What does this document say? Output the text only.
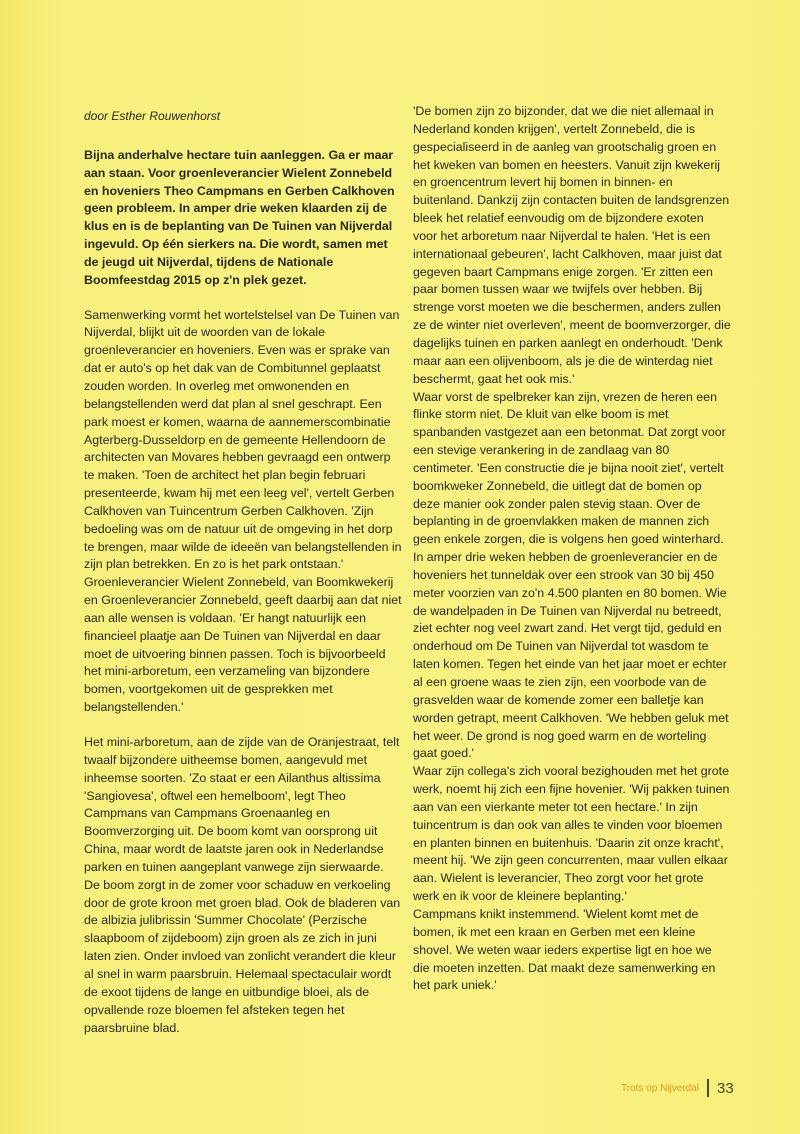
door Esther Rouwenhorst

Bijna anderhalve hectare tuin aanleggen. Ga er maar aan staan. Voor groenleverancier Wielent Zonnebeld en hoveniers Theo Campmans en Gerben Calkhoven geen probleem. In amper drie weken klaarden zij de klus en is de beplanting van De Tuinen van Nijverdal ingevuld. Op één sierkers na. Die wordt, samen met de jeugd uit Nijverdal, tijdens de Nationale Boomfeestdag 2015 op z'n plek gezet.

Samenwerking vormt het wortelstelsel van De Tuinen van Nijverdal, blijkt uit de woorden van de lokale groenleverancier en hoveniers. Even was er sprake van dat er auto's op het dak van de Combitunnel geplaatst zouden worden. In overleg met omwonenden en belangstellenden werd dat plan al snel geschrapt. Een park moest er komen, waarna de aannemerscombinatie Agterberg-Dusseldorp en de gemeente Hellendoorn de architecten van Movares hebben gevraagd een ontwerp te maken. 'Toen de architect het plan begin februari presenteerde, kwam hij met een leeg vel', vertelt Gerben Calkhoven van Tuincentrum Gerben Calkhoven. 'Zijn bedoeling was om de natuur uit de omgeving in het dorp te brengen, maar wilde de ideeën van belangstellenden in zijn plan betrekken. En zo is het park ontstaan.' Groenleverancier Wielent Zonnebeld, van Boomkwekerij en Groenleverancier Zonnebeld, geeft daarbij aan dat niet aan alle wensen is voldaan. 'Er hangt natuurlijk een financieel plaatje aan De Tuinen van Nijverdal en daar moet de uitvoering binnen passen. Toch is bijvoorbeeld het mini-arboretum, een verzameling van bijzondere bomen, voortgekomen uit de gesprekken met belangstellenden.'

Het mini-arboretum, aan de zijde van de Oranjestraat, telt twaalf bijzondere uitheemse bomen, aangevuld met inheemse soorten. 'Zo staat er een Ailanthus altissima 'Sangiovesa', oftwel een hemelboom', legt Theo Campmans van Campmans Groenaanleg en Boomverzorging uit. De boom komt van oorsprong uit China, maar wordt de laatste jaren ook in Nederlandse parken en tuinen aangeplant vanwege zijn sierwaarde. De boom zorgt in de zomer voor schaduw en verkoeling door de grote kroon met groen blad. Ook de bladeren van de albizia julibrissin 'Summer Chocolate' (Perzische slaapboom of zijdeboom) zijn groen als ze zich in juni laten zien. Onder invloed van zonlicht verandert die kleur al snel in warm paarsbruin. Helemaal spectaculair wordt de exoot tijdens de lange en uitbundige bloei, als de opvallende roze bloemen fel afsteken tegen het paarsbruine blad.

'De bomen zijn zo bijzonder, dat we die niet allemaal in Nederland konden krijgen', vertelt Zonnebeld, die is gespecialiseerd in de aanleg van grootschalig groen en het kweken van bomen en heesters. Vanuit zijn kwekerij en groencentrum levert hij bomen in binnen- en buitenland. Dankzij zijn contacten buiten de landsgrenzen bleek het relatief eenvoudig om de bijzondere exoten voor het arboretum naar Nijverdal te halen. 'Het is een internationaal gebeuren', lacht Calkhoven, maar juist dat gegeven baart Campmans enige zorgen. 'Er zitten een paar bomen tussen waar we twijfels over hebben. Bij strenge vorst moeten we die beschermen, anders zullen ze de winter niet overleven', meent de boomverzorger, die dagelijks tuinen en parken aanlegt en onderhoudt. 'Denk maar aan een olijvenboom, als je die de winterdag niet beschermt, gaat het ook mis.'

Waar vorst de spelbreker kan zijn, vrezen de heren een flinke storm niet. De kluit van elke boom is met spanbanden vastgezet aan een betonmat. Dat zorgt voor een stevige verankering in de zandlaag van 80 centimeter. 'Een constructie die je bijna nooit ziet', vertelt boomkweker Zonnebeld, die uitlegt dat de bomen op deze manier ook zonder palen stevig staan. Over de beplanting in de groenvlakken maken de mannen zich geen enkele zorgen, die is volgens hen goed winterhard.

In amper drie weken hebben de groenleverancier en de hoveniers het tunneldak over een strook van 30 bij 450 meter voorzien van zo'n 4.500 planten en 80 bomen. Wie de wandelpaden in De Tuinen van Nijverdal nu betreedt, ziet echter nog veel zwart zand. Het vergt tijd, geduld en onderhoud om De Tuinen van Nijverdal tot wasdom te laten komen. Tegen het einde van het jaar moet er echter al een groene waas te zien zijn, een voorbode van de grasvelden waar de komende zomer een balletje kan worden getrapt, meent Calkhoven. 'We hebben geluk met het weer. De grond is nog goed warm en de worteling gaat goed.'

Waar zijn collega's zich vooral bezighouden met het grote werk, noemt hij zich een fijne hovenier. 'Wij pakken tuinen aan van een vierkante meter tot een hectare.' In zijn tuincentrum is dan ook van alles te vinden voor bloemen en planten binnen en buitenhuis. 'Daarin zit onze kracht', meent hij. 'We zijn geen concurrenten, maar vullen elkaar aan. Wielent is leverancier, Theo zorgt voor het grote werk en ik voor de kleinere beplanting.'

Campmans knikt instemmend. 'Wielent komt met de bomen, ik met een kraan en Gerben met een kleine shovel. We weten waar ieders expertise ligt en hoe we die moeten inzetten. Dat maakt deze samenwerking en het park uniek.'

Trots op Nijverdal 33
